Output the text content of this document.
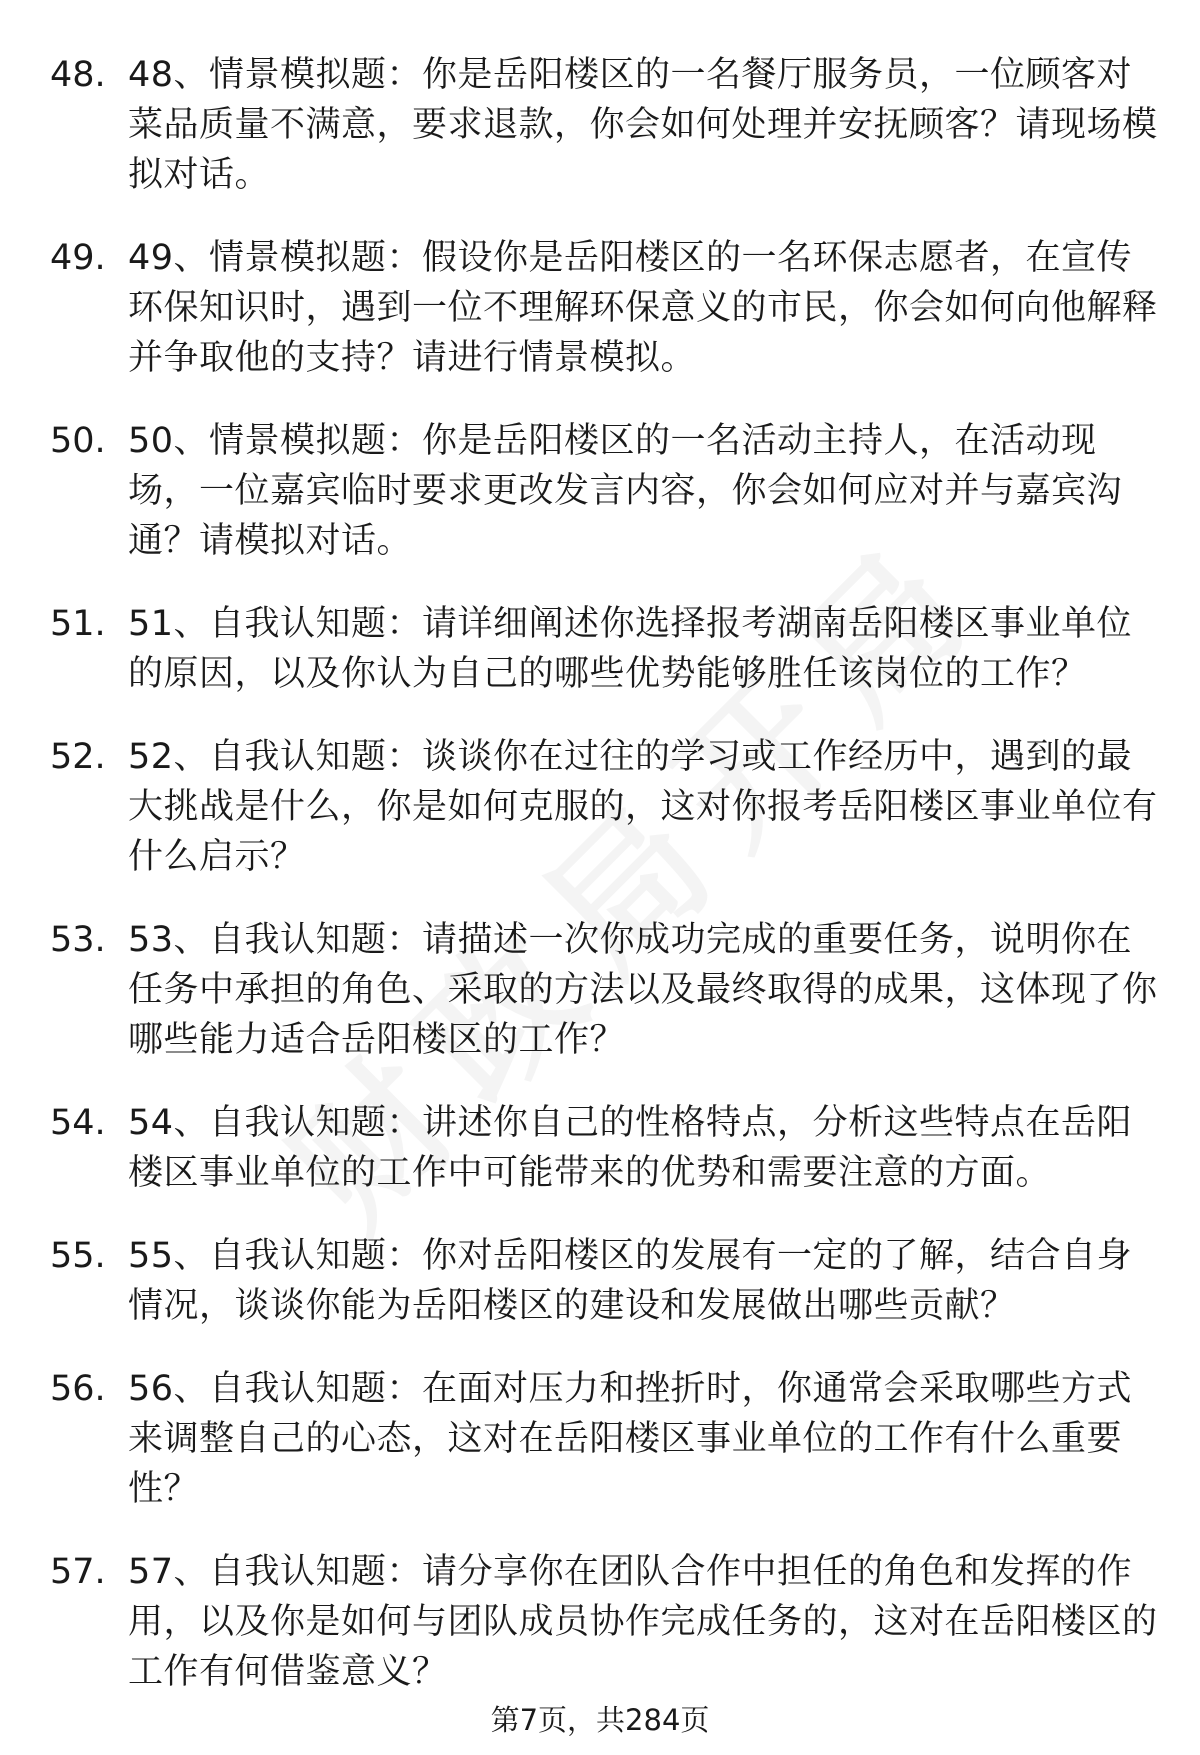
48. 48、情景模拟题：你是岳阳楼区的一名餐厅服务员，一位顾客对菜品质量不满意，要求退款，你会如何处理并安抚顾客？请现场模拟对话。
49. 49、情景模拟题：假设你是岳阳楼区的一名环保志愿者，在宣传环保知识时，遇到一位不理解环保意义的市民，你会如何向他解释并争取他的支持？请进行情景模拟。
50. 50、情景模拟题：你是岳阳楼区的一名活动主持人，在活动现场，一位嘉宾临时要求更改发言内容，你会如何应对并与嘉宾沟通？请模拟对话。
51. 51、自我认知题：请详细阐述你选择报考湖南岳阳楼区事业单位的原因，以及你认为自己的哪些优势能够胜任该岗位的工作？
52. 52、自我认知题：谈谈你在过往的学习或工作经历中，遇到的最大挑战是什么，你是如何克服的，这对你报考岳阳楼区事业单位有什么启示？
53. 53、自我认知题：请描述一次你成功完成的重要任务，说明你在任务中承担的角色、采取的方法以及最终取得的成果，这体现了你哪些能力适合岳阳楼区的工作？
54. 54、自我认知题：讲述你自己的性格特点，分析这些特点在岳阳楼区事业单位的工作中可能带来的优势和需要注意的方面。
55. 55、自我认知题：你对岳阳楼区的发展有一定的了解，结合自身情况，谈谈你能为岳阳楼区的建设和发展做出哪些贡献？
56. 56、自我认知题：在面对压力和挫折时，你通常会采取哪些方式来调整自己的心态，这对在岳阳楼区事业单位的工作有什么重要性？
57. 57、自我认知题：请分享你在团队合作中担任的角色和发挥的作用，以及你是如何与团队成员协作完成任务的，这对在岳阳楼区的工作有何借鉴意义？
第7页，共284页
